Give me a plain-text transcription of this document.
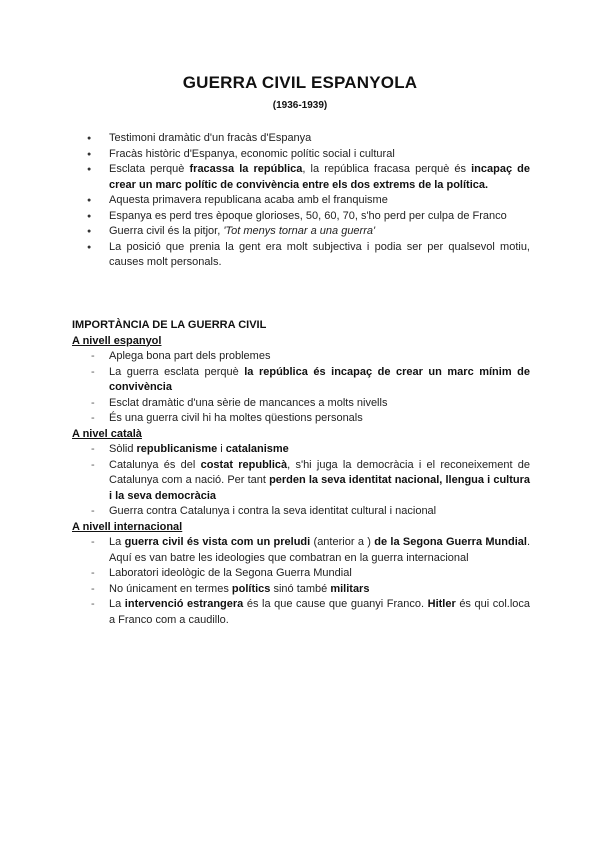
GUERRA CIVIL ESPANYOLA
(1936-1939)
● Testimoni dramàtic d'un fracàs d'Espanya
● Fracàs històric d'Espanya, economic polític social i cultural
● Esclata perquè fracassa la república, la república fracasa perquè és incapaç de crear un marc polític de convivència entre els dos extrems de la política.
● Aquesta primavera republicana acaba amb el franquisme
● Espanya es perd tres èpoque glorioses, 50, 60, 70, s'ho perd per culpa de Franco
● Guerra civil és la pitjor, 'Tot menys tornar a una guerra'
● La posició que prenia la gent era molt subjectiva i podia ser per qualsevol motiu, causes molt personals.
IMPORTÀNCIA DE LA GUERRA CIVIL
A nivell espanyol
- Aplega bona part dels problemes
- La guerra esclata perquè la república és incapaç de crear un marc mínim de convivència
- Esclat dramàtic d'una sèrie de mancances a molts nivells
- És una guerra civil hi ha moltes qüestions personals
A nivel català
- Sòlid republicanisme i catalanisme
- Catalunya és del costat republicà, s'hi juga la democràcia i el reconeixement de Catalunya com a nació. Per tant perden la seva identitat nacional, llengua i cultura i la seva democràcia
- Guerra contra Catalunya i contra la seva identitat cultural i nacional
A nivell internacional
- La guerra civil és vista com un preludi (anterior a ) de la Segona Guerra Mundial. Aquí es van batre les ideologies que combatran en la guerra internacional
- Laboratori ideològic de la Segona Guerra Mundial
- No únicament en termes polítics sinó també militars
- La intervenció estrangera és la que cause que guanyi Franco. Hitler és qui col.loca a Franco com a caudillo.
